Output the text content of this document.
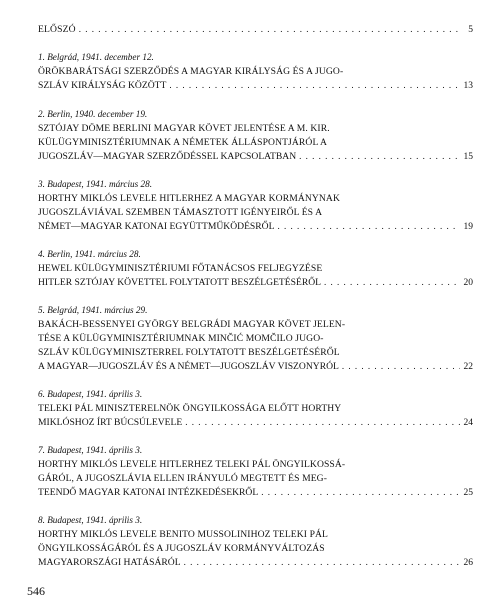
ELŐSZÓ . . .	5
1. Belgrád, 1941. december 12.
ÖRÖKBARÁTSÁGI SZERZŐDÉS A MAGYAR KIRÁLYSÁG ÉS A JUGO-
SZLÁV KIRÁLYSÁG KÖZÖTT . . .	13
2. Berlin, 1940. december 19.
SZTÓJAY DÖME BERLINI MAGYAR KÖVET JELENTÉSE A M. KIR.
KÜLÜGYMINISZTÉRIUMNAK A NÉMETEK ÁLLÁSPONTJÁRÓL A
JUGOSZLÁV—MAGYAR SZERZŐDÉSSEL KAPCSOLATBAN . . .	15
3. Budapest, 1941. március 28.
HORTHY MIKLÓS LEVELE HITLERHEZ A MAGYAR KORMÁNYNAK
JUGOSZLÁVIÁVAL SZEMBEN TÁMASZTOTT IGÉNYEIRŐL ÉS A
NÉMET—MAGYAR KATONAI EGYÜTTMŰKÖDÉSRŐL . . .	19
4. Berlin, 1941. március 28.
HEWEL KÜLÜGYMINISZTÉRIUMI FŐTANÁCSOS FELJEGYZÉSE
HITLER SZTÓJAY KÖVETTEL FOLYTATOTT BESZÉLGETÉSÉRŐL . . .	20
5. Belgrád, 1941. március 29.
BAKÁCH-BESSENYEI GYÖRGY BELGRÁDI MAGYAR KÖVET JELEN-
TÉSE A KÜLÜGYMINISZTÉRIUMNAK MINČIĆ MOMČILO JUGO-
SZLÁV KÜLÜGYMINISZTERREL FOLYTATOTT BESZÉLGETÉSÉRŐL
A MAGYAR—JUGOSZLÁV ÉS A NÉMET—JUGOSZLÁV VISZONYRÓL . . .	22
6. Budapest, 1941. április 3.
TELEKI PÁL MINISZTERELNÖK ÖNGYILKOSSÁGA ELŐTT HORTHY
MIKLÓSHOZ ÍRT BÚCSÚLEVELE . . .	24
7. Budapest, 1941. április 3.
HORTHY MIKLÓS LEVELE HITLERHEZ TELEKI PÁL ÖNGYILKOSSÁ-
GÁRÓL, A JUGOSZLÁVIA ELLEN IRÁNYULÓ MEGTETT ÉS MEG-
TEENDŐ MAGYAR KATONAI INTÉZKEDÉSEKRŐL . . .	25
8. Budapest, 1941. április 3.
HORTHY MIKLÓS LEVELE BENITO MUSSOLINIHOZ TELEKI PÁL
ÖNGYILKOSSÁGÁRÓL ÉS A JUGOSZLÁV KORMÁNYVÁLTOZÁS
MAGYARORSZÁGI HATÁSÁRÓL . . .	26
546
